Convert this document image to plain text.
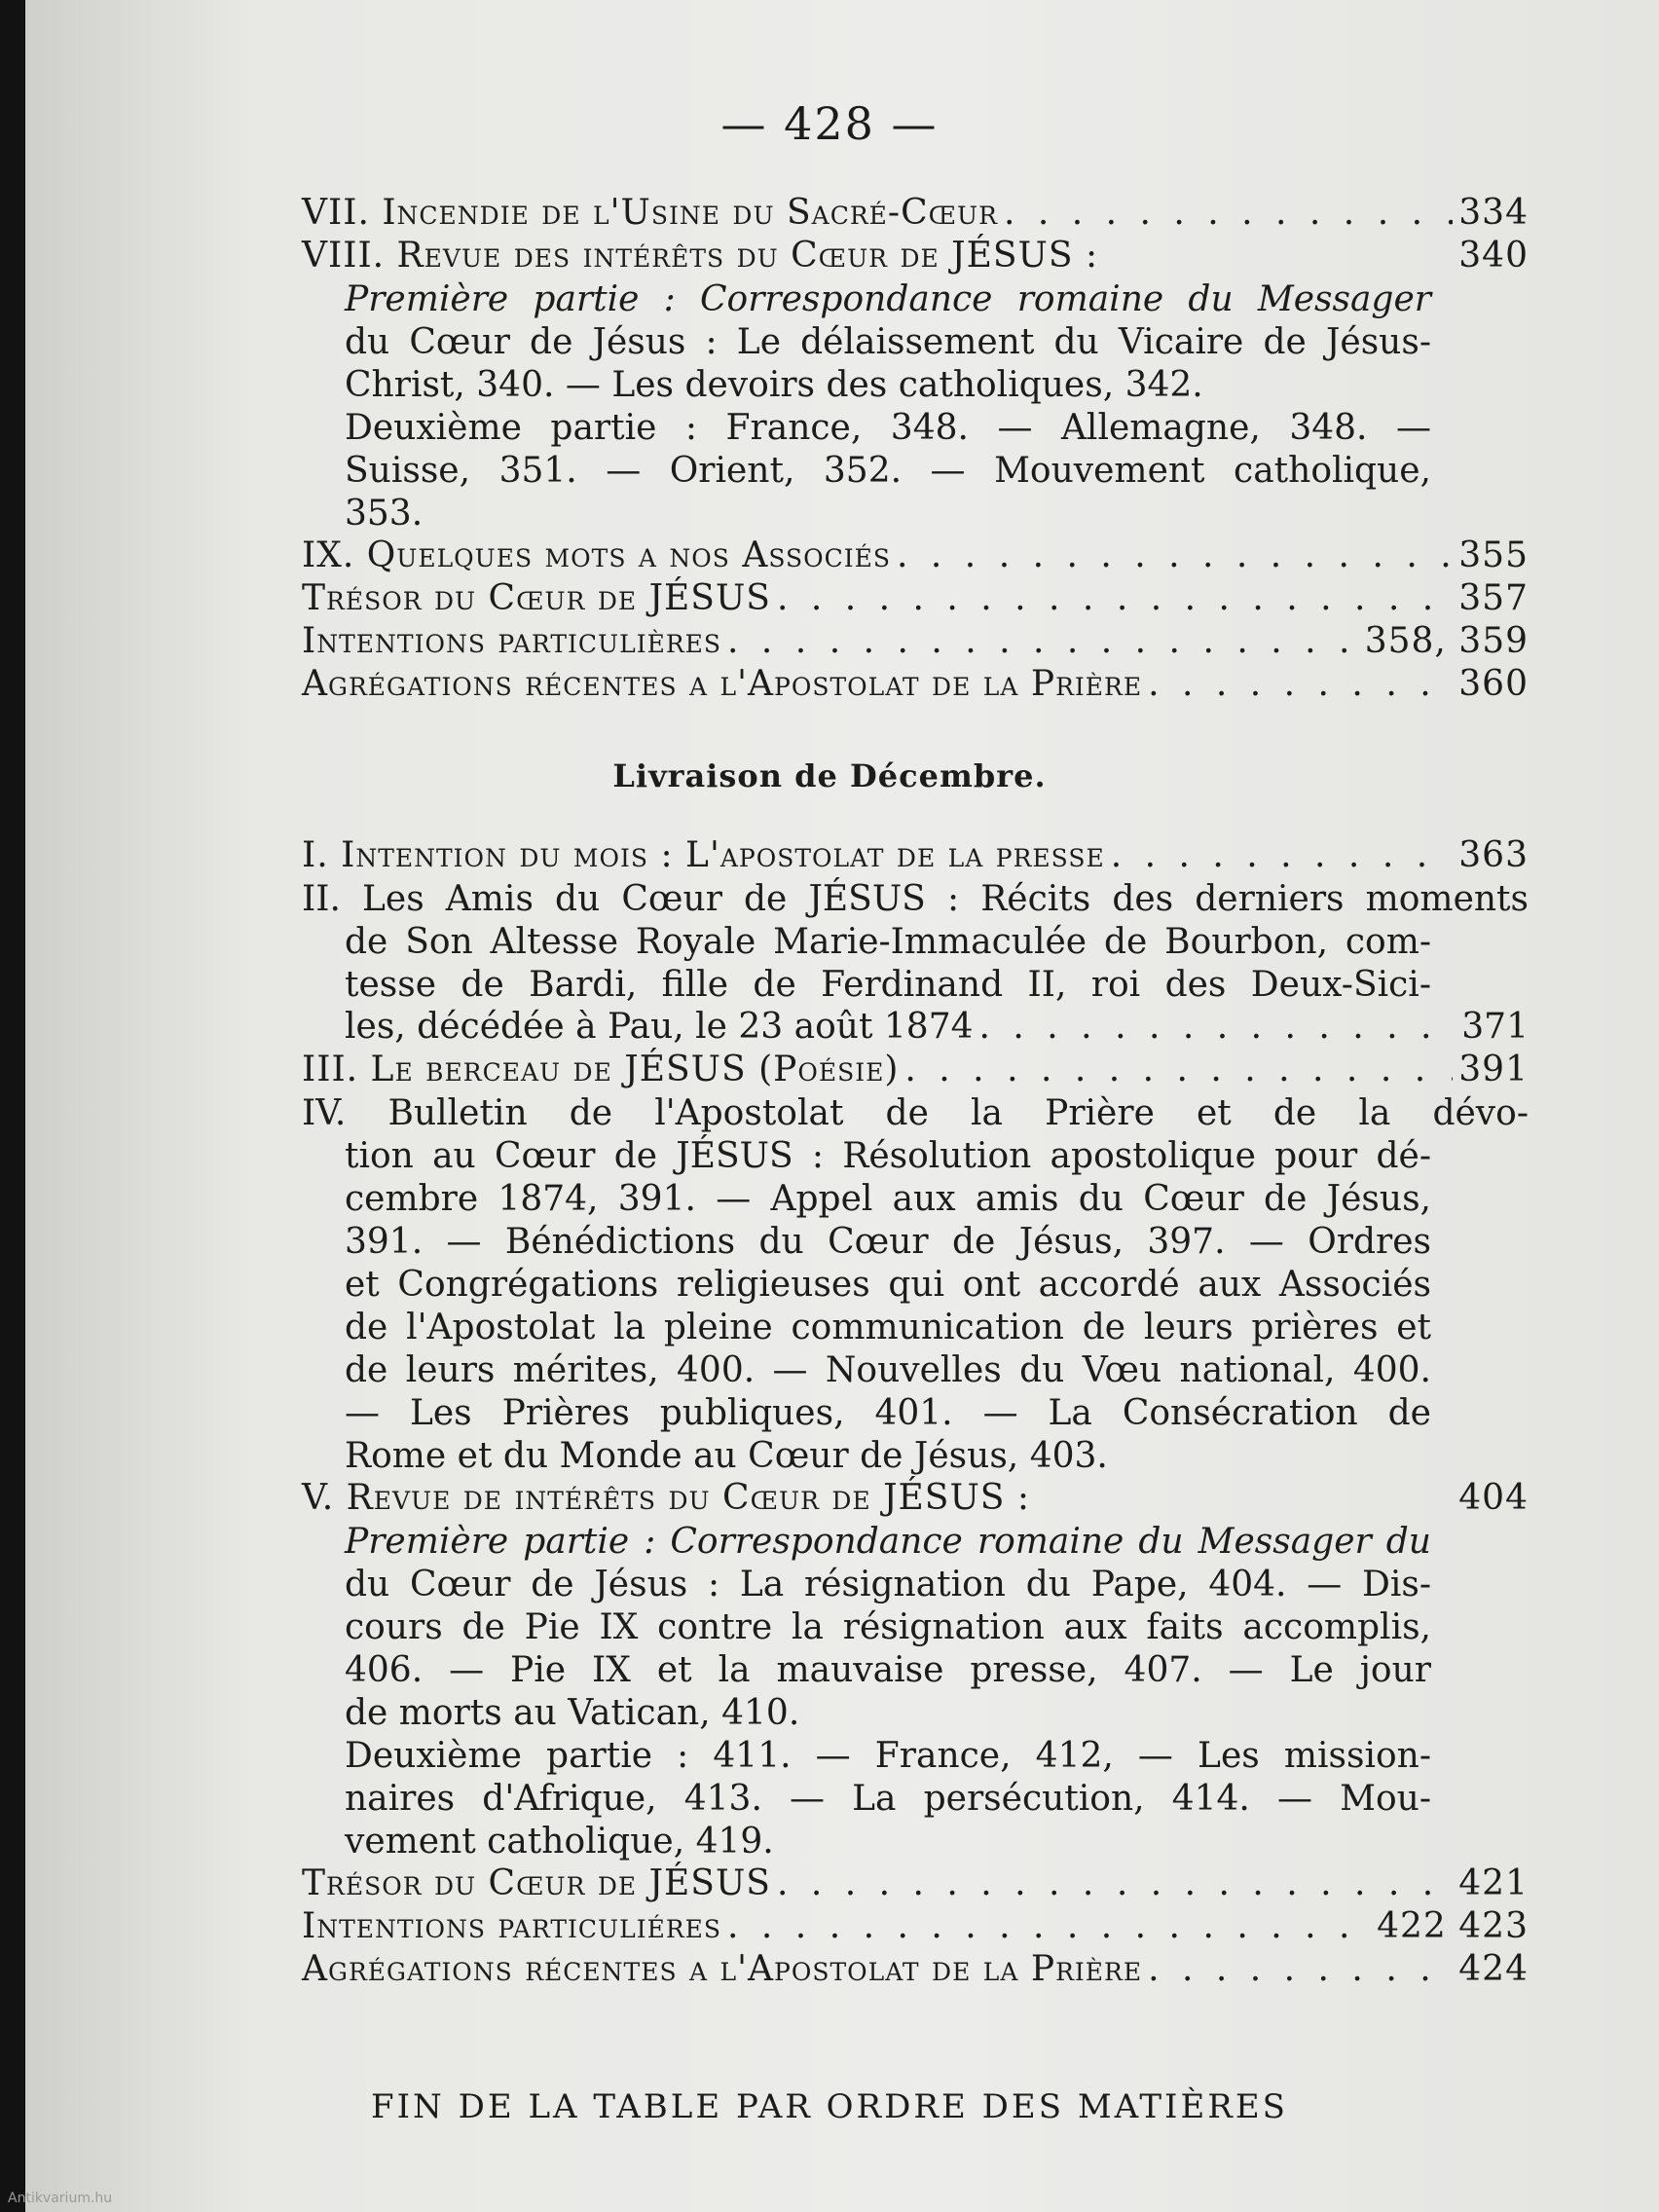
— 428 —
VII. Incendie de l'Usine du Sacré-Cœur . . .	334
VIII. Revue des intérêts du Cœur de JÉSUS :	340
Première partie : Correspondance romaine du Messager
du Cœur de Jésus : Le délaissement du Vicaire de Jésus-
Christ, 340. — Les devoirs des catholiques, 342.
Deuxième partie : France, 348. — Allemagne, 348. —
Suisse, 351. — Orient, 352. — Mouvement catholique,
353.
IX. Quelques mots a nos Associés . . .	355
Trésor du Cœur de JÉSUS . . .	357
Intentions particulières . . .	358, 359
Agrégations récentes a l'Apostolat de la Prière . . .	360
Livraison de Décembre.
I. Intention du mois : L'apostolat de la presse . . .	363
II. Les Amis du Cœur de JÉSUS : Récits des derniers moments
de Son Altesse Royale Marie-Immaculée de Bourbon, com-
tesse de Bardi, fille de Ferdinand II, roi des Deux-Sici-
les, décédée à Pau, le 23 août 1874 . . .	371
III. Le berceau de JÉSUS (Poésie) . . .	391
IV. Bulletin de l'Apostolat de la Prière et de la dévo-
tion au Cœur de JÉSUS : Résolution apostolique pour dé-
cembre 1874, 391. — Appel aux amis du Cœur de Jésus,
391. — Bénédictions du Cœur de Jésus, 397. — Ordres
et Congrégations religieuses qui ont accordé aux Associés
de l'Apostolat la pleine communication de leurs prières et
de leurs mérites, 400. — Nouvelles du Vœu national, 400.
— Les Prières publiques, 401. — La Consécration de
Rome et du Monde au Cœur de Jésus, 403.
V. Revue de intérêts du Cœur de JÉSUS :	404
Première partie : Correspondance romaine du Messager du
du Cœur de Jésus : La résignation du Pape, 404. — Dis-
cours de Pie IX contre la résignation aux faits accomplis,
406. — Pie IX et la mauvaise presse, 407. — Le jour
de morts au Vatican, 410.
Deuxième partie : 411. — France, 412, — Les mission-
naires d'Afrique, 413. — La persécution, 414. — Mou-
vement catholique, 419.
Trésor du Cœur de JÉSUS . . .	421
Intentions particuliéres . . .	422 423
Agrégations récentes a l'Apostolat de la Prière . . .	424
FIN DE LA TABLE PAR ORDRE DES MATIÈRES
Antikvarium.hu
